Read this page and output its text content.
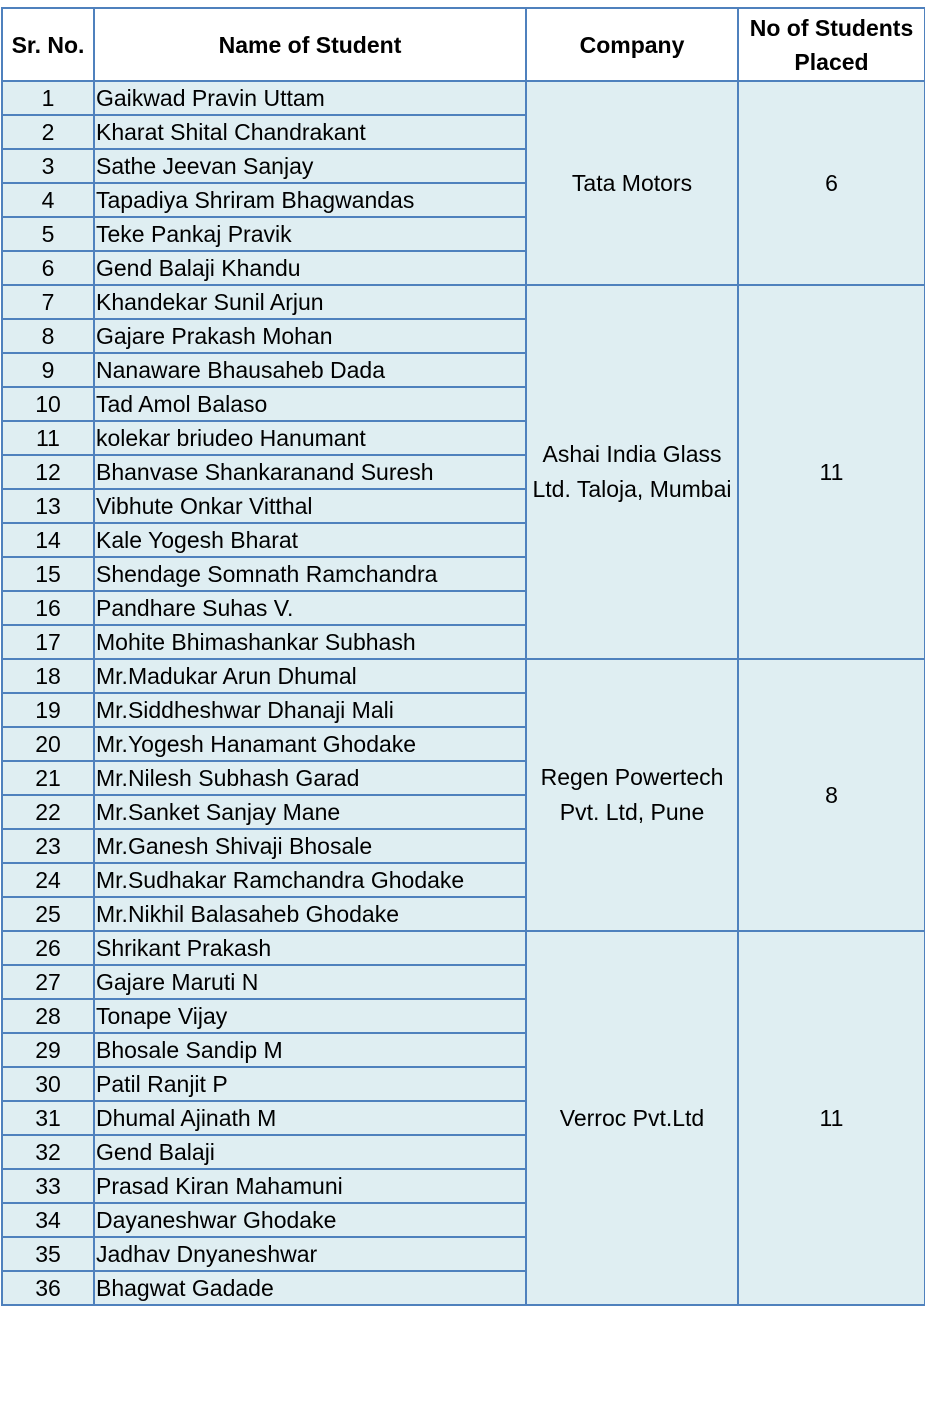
Sr. No.	Name of Student	Company	No of Students Placed
1	Gaikwad Pravin Uttam	Tata Motors	6
2	Kharat Shital Chandrakant		
3	Sathe Jeevan Sanjay		
4	Tapadiya Shriram Bhagwandas		
5	Teke Pankaj Pravik		
6	Gend Balaji Khandu		
7	Khandekar Sunil Arjun	Ashai India Glass Ltd. Taloja, Mumbai	11
8	Gajare Prakash Mohan		
9	Nanaware Bhausaheb Dada		
10	Tad Amol Balaso		
11	kolekar briudeo Hanumant		
12	Bhanvase Shankaranand Suresh		
13	Vibhute Onkar Vitthal		
14	Kale Yogesh Bharat		
15	Shendage Somnath Ramchandra		
16	Pandhare Suhas V.		
17	Mohite Bhimashankar Subhash		
18	Mr.Madukar Arun Dhumal	Regen Powertech Pvt. Ltd, Pune	8
19	Mr.Siddheshwar Dhanaji Mali		
20	Mr.Yogesh Hanamant Ghodake		
21	Mr.Nilesh Subhash Garad		
22	Mr.Sanket Sanjay Mane		
23	Mr.Ganesh Shivaji Bhosale		
24	Mr.Sudhakar Ramchandra Ghodake		
25	Mr.Nikhil Balasaheb Ghodake		
26	Shrikant Prakash	Verroc Pvt.Ltd	11
27	Gajare Maruti N		
28	Tonape Vijay		
29	Bhosale Sandip M		
30	Patil Ranjit P		
31	Dhumal Ajinath M		
32	Gend Balaji		
33	Prasad Kiran Mahamuni		
34	Dayaneshwar Ghodake		
35	Jadhav Dnyaneshwar		
36	Bhagwat Gadade		
